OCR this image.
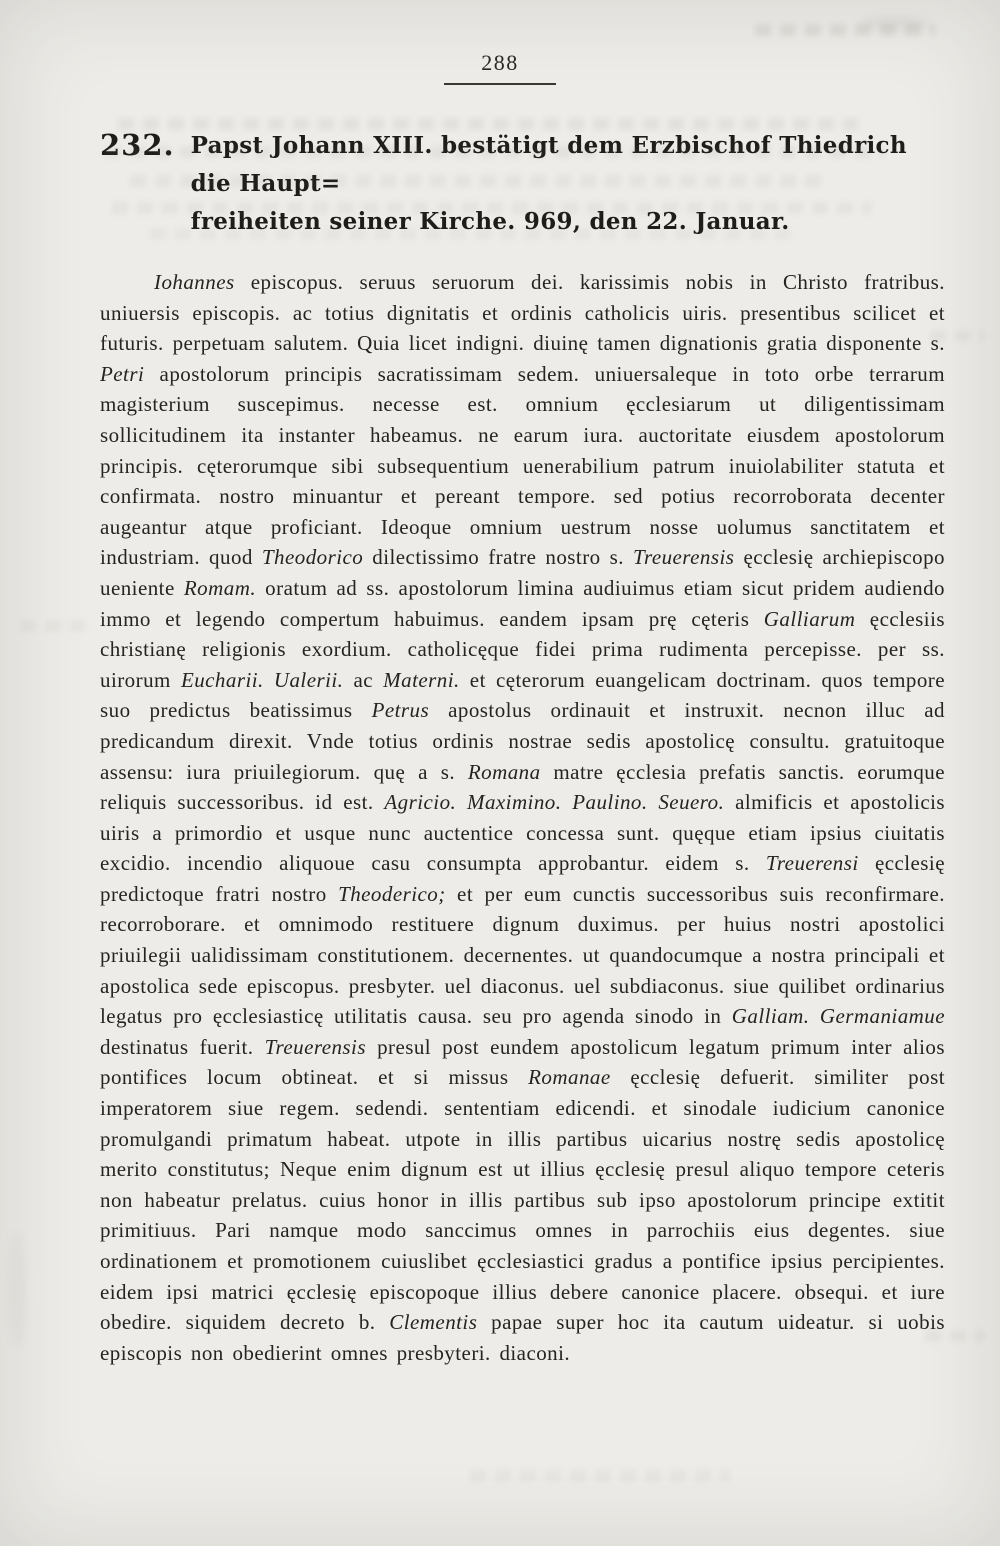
288
232. Papst Johann XIII. bestätigt dem Erzbischof Thiedrich die Haupt=
freiheiten seiner Kirche. 969, den 22. Januar.

Iohannes episcopus. seruus seruorum dei. karissimis nobis in Christo fratribus. uniuersis episcopis. ac totius dignitatis et ordinis catholicis uiris. presentibus scilicet et futuris. perpetuam salutem. Quia licet indigni. diuinę tamen dignationis gratia disponente s. Petri apostolorum principis sacratissimam sedem. uniuersaleque in toto orbe terrarum magisterium suscepimus. necesse est. omnium ęcclesiarum ut diligentissimam sollicitudinem ita instanter habeamus. ne earum iura. auctoritate eiusdem apostolorum principis. cęterorumque sibi subsequentium uenerabilium patrum inuiolabiliter statuta et confirmata. nostro minuantur et pereant tempore. sed potius recorroborata decenter augeantur atque proficiant. Ideoque omnium uestrum nosse uolumus sanctitatem et industriam. quod Theodorico dilectissimo fratre nostro s. Treuerensis ęcclesię archiepiscopo ueniente Romam. oratum ad ss. apostolorum limina audiuimus etiam sicut pridem audiendo immo et legendo compertum habuimus. eandem ipsam prę cęteris Galliarum ęcclesiis christianę religionis exordium. catholicęque fidei prima rudimenta percepisse. per ss. uirorum Eucharii. Ualerii. ac Materni. et cęterorum euangelicam doctrinam. quos tempore suo predictus beatissimus Petrus apostolus ordinauit et instruxit. necnon illuc ad predicandum direxit. Vnde totius ordinis nostrae sedis apostolicę consultu. gratuitoque assensu: iura priuilegiorum. quę a s. Romana matre ęcclesia prefatis sanctis. eorumque reliquis successoribus. id est. Agricio. Maximino. Paulino. Seuero. almificis et apostolicis uiris a primordio et usque nunc auctentice concessa sunt. quęque etiam ipsius ciuitatis excidio. incendio aliquoue casu consumpta approbantur. eidem s. Treuerensi ęcclesię predictoque fratri nostro Theoderico; et per eum cunctis successoribus suis reconfirmare. recorroborare. et omnimodo restituere dignum duximus. per huius nostri apostolici priuilegii ualidissimam constitutionem. decernentes. ut quandocumque a nostra principali et apostolica sede episcopus. presbyter. uel diaconus. uel subdiaconus. siue quilibet ordinarius legatus pro ęcclesiasticę utilitatis causa. seu pro agenda sinodo in Galliam. Germaniamue destinatus fuerit. Treuerensis presul post eundem apostolicum legatum primum inter alios pontifices locum obtineat. et si missus Romanae ęcclesię defuerit. similiter post imperatorem siue regem. sedendi. sententiam edicendi. et sinodale iudicium canonice promulgandi primatum habeat. utpote in illis partibus uicarius nostrę sedis apostolicę merito constitutus; Neque enim dignum est ut illius ęcclesię presul aliquo tempore ceteris non habeatur prelatus. cuius honor in illis partibus sub ipso apostolorum principe extitit primitiuus. Pari namque modo sanccimus omnes in parrochiis eius degentes. siue ordinationem et promotionem cuiuslibet ęcclesiastici gradus a pontifice ipsius percipientes. eidem ipsi matrici ęcclesię episcopoque illius debere canonice placere. obsequi. et iure obedire. siquidem decreto b. Clementis papae super hoc ita cautum uideatur. si uobis episcopis non obedierint omnes presbyteri. diaconi.
